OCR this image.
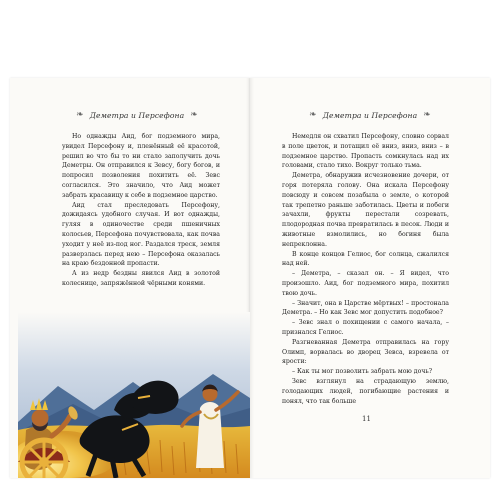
❧ Деметра и Персефона ❧	❧ Деметра и Персефона ❧

Но однажды Аид, бог подземного мира, увидел Персефону и, пленённый её красотой, решил во что бы то ни стало заполучить дочь Деметры. Он отправился к Зевсу, богу богов, и попросил позволения похитить её. Зевс согласился. Это значило, что Аид может забрать красавицу к себе в подземное царство.

Аид стал преследовать Персефону, дожидаясь удобного случая. И вот однажды, гуляя в одиночестве среди пшеничных колосьев, Персефона почувствовала, как почва уходит у неё из-под ног. Раздался треск, земля разверзлась перед нею – Персефона оказалась на краю бездонной пропасти.

А из недр бездны явился Аид в золотой колеснице, запряжённой чёрными конями.

Немедля он схватил Персефону, словно сорвал в поле цветок, и потащил её вниз, вниз, вниз – в подземное царство. Пропасть сомкнулась над их головами, стало тихо. Вокруг только тьма.

Деметра, обнаружив исчезновение дочери, от горя потеряла голову. Она искала Персефону повсюду и совсем позабыла о земле, о которой так трепетно раньше заботилась. Цветы и побеги зачахли, фрукты перестали созревать, плодородная почва превратилась в песок. Люди и животные взмолились, но богиня была непреклонна.

В конце концов Гелиос, бог солнца, сжалился над ней.

– Деметра, – сказал он. – Я видел, что произошло. Аид, бог подземного мира, похитил твою дочь.

– Значит, она в Царстве мёртвых! – простонала Деметра. – Но как Зевс мог допустить подобное?

– Зевс знал о похищении с самого начала, – признался Гелиос.

Разгневанная Деметра отправилась на гору Олимп, ворвалась во дворец Зевса, взревела от ярости:

– Как ты мог позволить забрать мою дочь?

Зевс взглянул на страдающую землю, голодающих людей, погибающие растения и понял, что так больше

11
